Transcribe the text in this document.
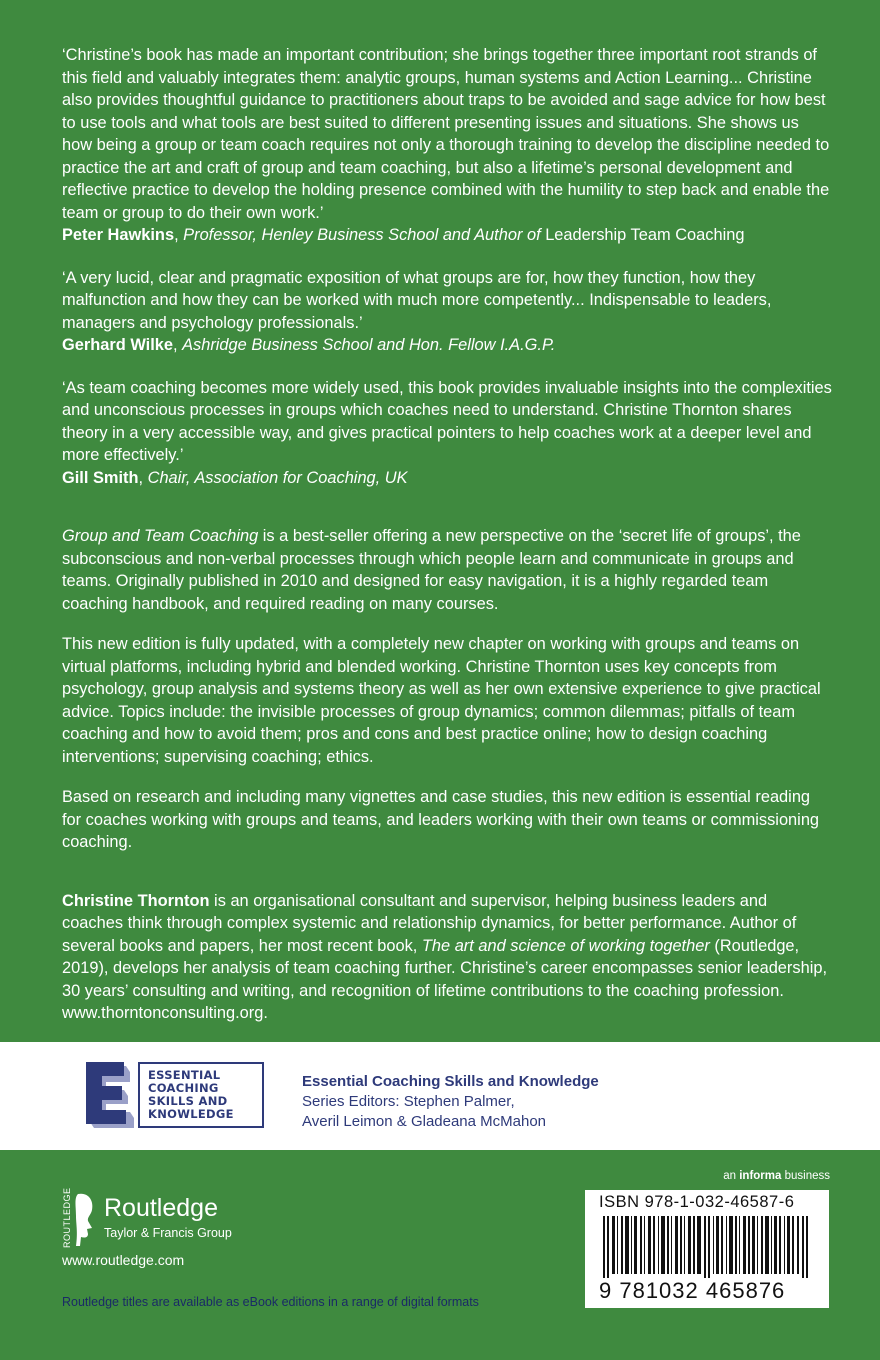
‘Christine’s book has made an important contribution; she brings together three important root strands of this field and valuably integrates them: analytic groups, human systems and Action Learning... Christine also provides thoughtful guidance to practitioners about traps to be avoided and sage advice for how best to use tools and what tools are best suited to different presenting issues and situations. She shows us how being a group or team coach requires not only a thorough training to develop the discipline needed to practice the art and craft of group and team coaching, but also a lifetime’s personal development and reflective practice to develop the holding presence combined with the humility to step back and enable the team or group to do their own work.’
Peter Hawkins, Professor, Henley Business School and Author of Leadership Team Coaching

‘A very lucid, clear and pragmatic exposition of what groups are for, how they function, how they malfunction and how they can be worked with much more competently... Indispensable to leaders, managers and psychology professionals.’
Gerhard Wilke, Ashridge Business School and Hon. Fellow I.A.G.P.

‘As team coaching becomes more widely used, this book provides invaluable insights into the complexities and unconscious processes in groups which coaches need to understand. Christine Thornton shares theory in a very accessible way, and gives practical pointers to help coaches work at a deeper level and more effectively.’
Gill Smith, Chair, Association for Coaching, UK

Group and Team Coaching is a best-seller offering a new perspective on the ‘secret life of groups’, the subconscious and non-verbal processes through which people learn and communicate in groups and teams. Originally published in 2010 and designed for easy navigation, it is a highly regarded team coaching handbook, and required reading on many courses.

This new edition is fully updated, with a completely new chapter on working with groups and teams on virtual platforms, including hybrid and blended working. Christine Thornton uses key concepts from psychology, group analysis and systems theory as well as her own extensive experience to give practical advice. Topics include: the invisible processes of group dynamics; common dilemmas; pitfalls of team coaching and how to avoid them; pros and cons and best practice online; how to design coaching interventions; supervising coaching; ethics.

Based on research and including many vignettes and case studies, this new edition is essential reading for coaches working with groups and teams, and leaders working with their own teams or commissioning coaching.

Christine Thornton is an organisational consultant and supervisor, helping business leaders and coaches think through complex systemic and relationship dynamics, for better performance. Author of several books and papers, her most recent book, The art and science of working together (Routledge, 2019), develops her analysis of team coaching further. Christine’s career encompasses senior leadership, 30 years’ consulting and writing, and recognition of lifetime contributions to the coaching profession. www.thorntonconsulting.org.

ESSENTIAL
COACHING
SKILLS AND
KNOWLEDGE
Essential Coaching Skills and Knowledge
Series Editors: Stephen Palmer,
Averil Leimon & Gladeana McMahon
an informa business
ROUTLEDGE Routledge
Taylor & Francis Group
www.routledge.com
Routledge titles are available as eBook editions in a range of digital formats
ISBN 978-1-032-46587-6
9 781032 465876
